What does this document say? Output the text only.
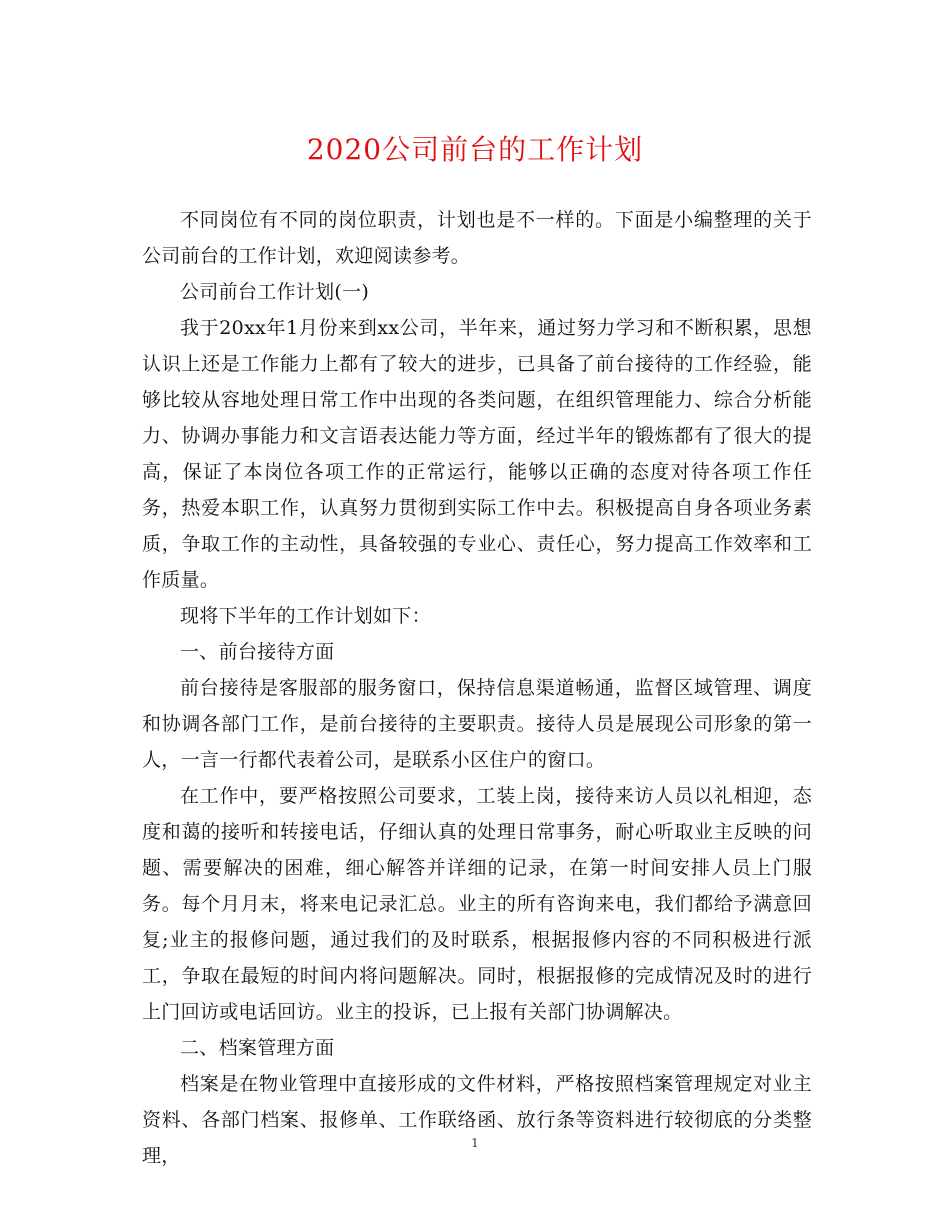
2020公司前台的工作计划

不同岗位有不同的岗位职责，计划也是不一样的。下面是小编整理的关于公司前台的工作计划，欢迎阅读参考。

公司前台工作计划(一)

我于20xx年1月份来到xx公司，半年来，通过努力学习和不断积累，思想认识上还是工作能力上都有了较大的进步，已具备了前台接待的工作经验，能够比较从容地处理日常工作中出现的各类问题，在组织管理能力、综合分析能力、协调办事能力和文言语表达能力等方面，经过半年的锻炼都有了很大的提高，保证了本岗位各项工作的正常运行，能够以正确的态度对待各项工作任务，热爱本职工作，认真努力贯彻到实际工作中去。积极提高自身各项业务素质，争取工作的主动性，具备较强的专业心、责任心，努力提高工作效率和工作质量。

现将下半年的工作计划如下：

一、前台接待方面

前台接待是客服部的服务窗口，保持信息渠道畅通，监督区域管理、调度和协调各部门工作，是前台接待的主要职责。接待人员是展现公司形象的第一人，一言一行都代表着公司，是联系小区住户的窗口。

在工作中，要严格按照公司要求，工装上岗，接待来访人员以礼相迎，态度和蔼的接听和转接电话，仔细认真的处理日常事务，耐心听取业主反映的问题、需要解决的困难，细心解答并详细的记录，在第一时间安排人员上门服务。每个月月末，将来电记录汇总。业主的所有咨询来电，我们都给予满意回复;业主的报修问题，通过我们的及时联系，根据报修内容的不同积极进行派工，争取在最短的时间内将问题解决。同时，根据报修的完成情况及时的进行上门回访或电话回访。业主的投诉，已上报有关部门协调解决。

二、档案管理方面

档案是在物业管理中直接形成的文件材料，严格按照档案管理规定对业主资料、各部门档案、报修单、工作联络函、放行条等资料进行较彻底的分类整理，

1
